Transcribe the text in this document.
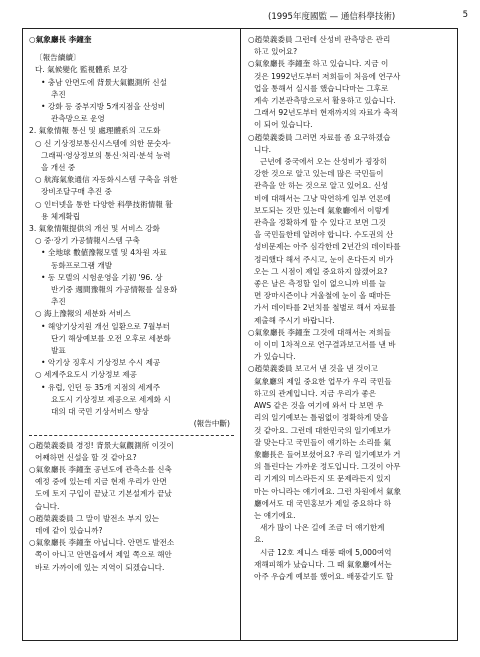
(1995年度國監 — 通信科學技術)	5

○氣象廳長 李鐘奎

〔報告續續〕

다. 氣候變化 監視體系 보강

• 충남 안면도에 背景大氣觀測所 신설

추진

• 강화 등 중부지방 5개지점을 산성비

관측망으로 운영

2. 氣象情報 통신 및 處理體系의 고도화

○ 신 기상정보통신시스템에 의한 문숫자·

그래픽·영상정보의 통신·처리·분석 능력

을 개선 중

○ 航海氣象通信 자동화시스템 구축을 위한

장비조달구매 추진 중

○ 인터넷을 통한 다양한 科學技術情報 활

용 체계확립

3. 氣象情報提供의 개선 및 서비스 강화

○ 중·장기 가공情報시스템 구축

• 全地球 數値豫報모델 및 4차원 자료

동화프로그램 개발

• 동 모델의 시험운영을 기初 '96. 상

반기중 週間豫報의 가공情報를 실용화

추진

○ 海上豫報의 세분화 서비스

• 해양기상지원 개선 일환으로 7월부터

단기 해상예보를 오전 오후로 세분화

발표

• 악기상 징후시 기상정보 수시 제공

○ 세계주요도시 기상정보 제공

• 유럽, 인던 등 35개 지점의 세계주

요도시 기상정보 제공으로 세계화 시

대의 대 국민 기상서비스 향상

(報告中斷)

○趙榮義委員 경정! 背景大氣觀測所 이것이

어째하면 신설을 할 것 같아요?

○氣象廳長 李鐘奎 공년도에 관측소를 신축

예정 중에 있는데 지금 현재 우리가 안면

도에 토지 구입이 끝났고 기본설계가 끝났

습니다.

○趙榮義委員 그 말이 발전소 부지 있는

데에 같이 있습니까?

○氣象廳長 李鐘奎 아닙니다. 안면도 발전소

쪽이 아니고 안면읍에서 제일 쪽으로 해안

바로 가까이에 있는 지역이 되겠습니다.

○趙榮義委員 그런데 산성비 관측망은 관리

하고 있어요?

○氣象廳長 李鐘奎 하고 있습니다. 지금 이

것은 1992년도부터 저희들이 처음에 연구사

업을 통해서 실시를 했습니다마는 그후로

계속 기본관측망으로서 활용하고 있습니다.

그래서 92년도부터 현재까지의 자료가 축적

이 되어 있습니다.

○趙榮義委員 그러면 자료를 좀 요구하겠습

니다.

근년에 중국에서 오는 산성비가 굉장히

강한 것으로 알고 있는데 많은 국민들이

관측을 안 하는 것으로 알고 있어요. 신성

비에 대해서는 그냥 막연하게 일부 언론에

보도되는 것만 있는데 氣象廳에서 이렇게

관측을 정확하게 할 수 있다고 보면 그것

을 국민들한테 알려야 합니다. 수도권의 산

성비문제는 아주 심각한데 2년간의 데이타를

정리했다 해서 주시고, 눈이 온다든지 비가

오는 그 시점이 제일 중요하지 않겠어요?

좋은 날은 측정할 일이 없으니까 비를 늘

면 장마시즌이나 겨울철에 눈이 올 때마든

가서 데이타를 2년치를 철별로 해서 자료를

제출해 주시기 바랍니다.

○氣象廳長 李鐘奎 그것에 대해서는 저희들

이 이미 1차적으로 연구결과보고서를 낸 바

가 있습니다.

○趙榮義委員 보고서 낸 것을 낸 것이고

氣象廳의 제일 중요한 업무가 우리 국민들

하고의 관계입니다. 지금 우리가 좋은

AWS 같은 것을 여기에 와서 다 보면 우

리의 일기예보는 틀림없이 정확하게 맞을

것 같아요. 그런데 대한민국의 일기예보가

잘 맞는다고 국민들이 얘기하는 소리를 氣

象廳長은 들어보셨어요? 우리 일기예보가 거

의 틀린다는 가까운 정도입니다. 그것이 아무

리 기계의 미스라든지 또 문제라든지 있지

마는 아니라는 얘기에요. 그런 차원에서 氣象

廳에서도 대 국민홍보가 제일 중요하다 하

는 얘기에요.

새가 많이 나온 길에 조금 더 얘기한계

요.

시금 12호 제니스 태풍 때에 5,000여억

재해피해가 났습니다. 그 때 氣象廳에서는

아주 우습게 예보를 했어요. 배풍같기도 할
